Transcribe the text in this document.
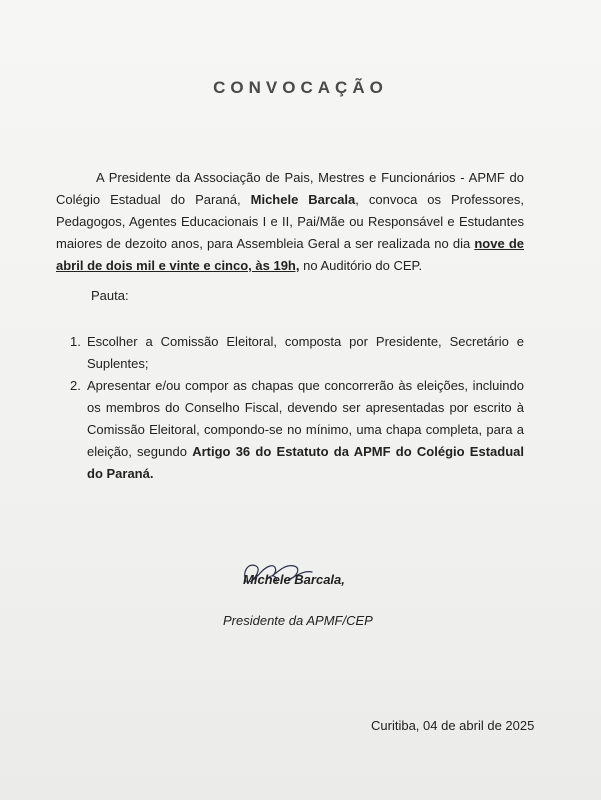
CONVOCAÇÃO
A Presidente da Associação de Pais, Mestres e Funcionários - APMF do Colégio Estadual do Paraná, Michele Barcala, convoca os Professores, Pedagogos, Agentes Educacionais I e II, Pai/Mãe ou Responsável e Estudantes maiores de dezoito anos, para Assembleia Geral a ser realizada no dia nove de abril de dois mil e vinte e cinco, às 19h, no Auditório do CEP.
Pauta:
1. Escolher a Comissão Eleitoral, composta por Presidente, Secretário e Suplentes;
2. Apresentar e/ou compor as chapas que concorrerão às eleições, incluindo os membros do Conselho Fiscal, devendo ser apresentadas por escrito à Comissão Eleitoral, compondo-se no mínimo, uma chapa completa, para a eleição, segundo Artigo 36 do Estatuto da APMF do Colégio Estadual do Paraná.
Michele Barcala,
Presidente da APMF/CEP
Curitiba, 04 de abril de 2025
